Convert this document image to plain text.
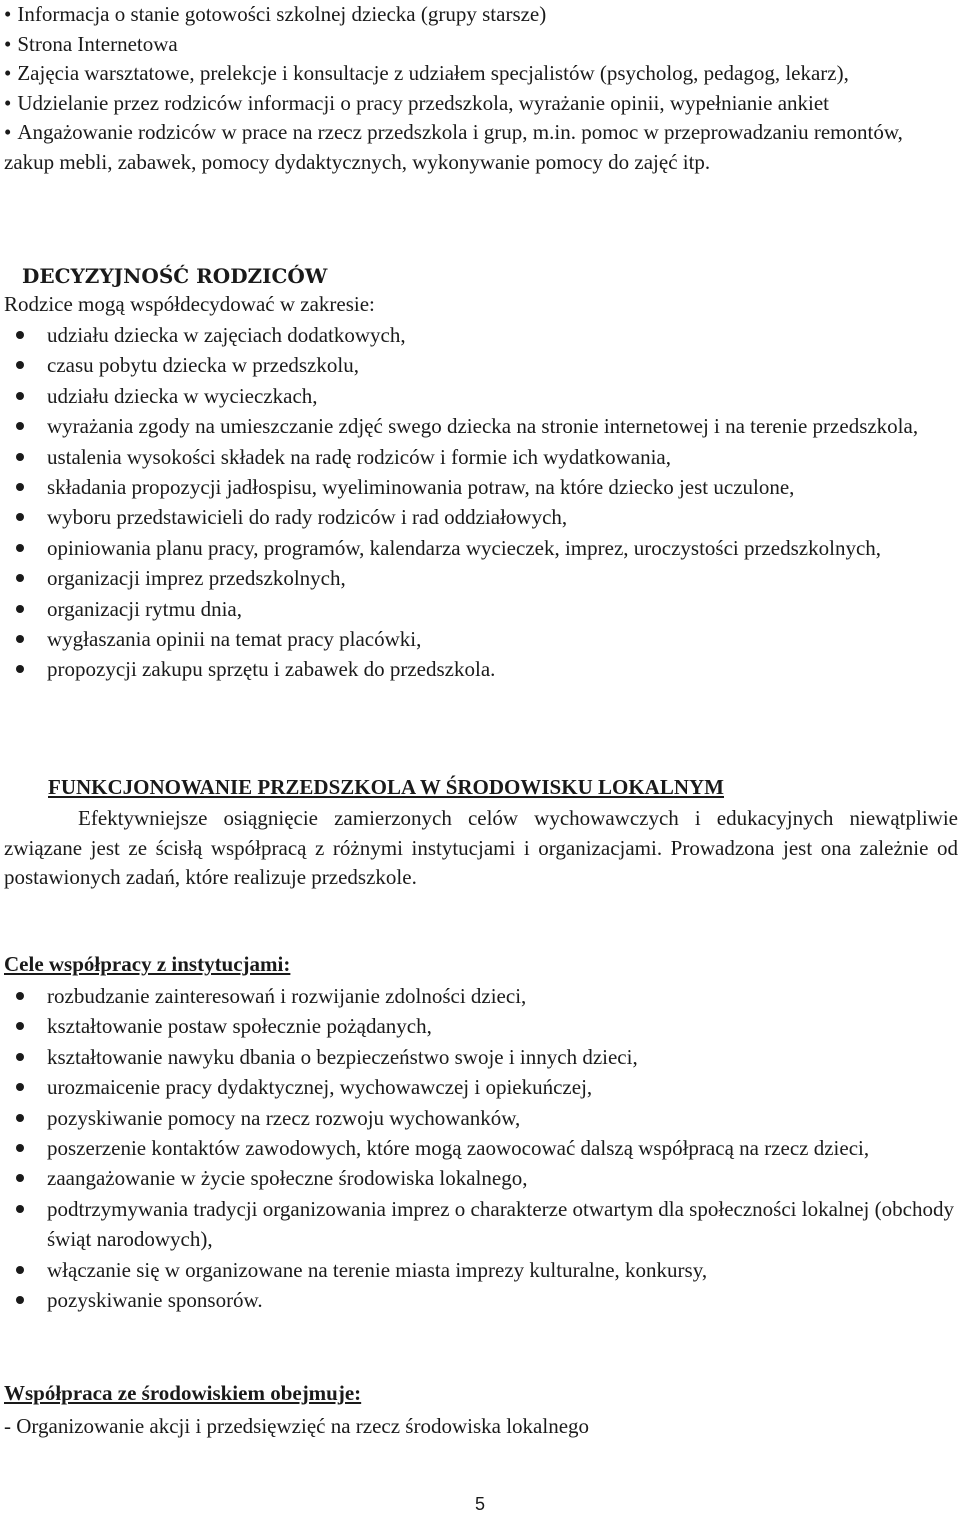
• Informacja o stanie gotowości szkolnej dziecka (grupy starsze)
• Strona Internetowa
• Zajęcia warsztatowe, prelekcje i konsultacje z udziałem specjalistów (psycholog, pedagog, lekarz),
• Udzielanie przez rodziców informacji o pracy przedszkola, wyrażanie opinii, wypełnianie ankiet
• Angażowanie rodziców w prace na rzecz przedszkola i grup, m.in. pomoc w przeprowadzaniu remontów, zakup mebli, zabawek, pomocy dydaktycznych, wykonywanie pomocy do zajęć itp.
DECYZYJNOŚĆ RODZICÓW
Rodzice mogą współdecydować w zakresie:
udziału dziecka w zajęciach dodatkowych,
czasu pobytu dziecka w przedszkolu,
udziału dziecka w wycieczkach,
wyrażania zgody na umieszczanie zdjęć swego dziecka na stronie internetowej i na terenie przedszkola,
ustalenia wysokości składek na radę rodziców i formie ich wydatkowania,
składania propozycji jadłospisu, wyeliminowania potraw, na które dziecko jest uczulone,
wyboru przedstawicieli do rady rodziców i rad oddziałowych,
opiniowania planu pracy, programów, kalendarza wycieczek, imprez, uroczystości przedszkolnych,
organizacji imprez przedszkolnych,
organizacji rytmu dnia,
wygłaszania opinii na temat pracy placówki,
propozycji zakupu sprzętu i zabawek do przedszkola.
FUNKCJONOWANIE PRZEDSZKOLA W ŚRODOWISKU LOKALNYM

Efektywniejsze osiągnięcie zamierzonych celów wychowawczych i edukacyjnych niewątpliwie związane jest ze ścisłą współpracą z różnymi instytucjami i organizacjami. Prowadzona jest ona zależnie od postawionych zadań, które realizuje przedszkole.

Cele współpracy z instytucjami:
rozbudzanie zainteresowań i rozwijanie zdolności dzieci,
kształtowanie postaw społecznie pożądanych,
kształtowanie nawyku dbania o bezpieczeństwo swoje i innych dzieci,
urozmaicenie pracy dydaktycznej, wychowawczej i opiekuńczej,
pozyskiwanie pomocy na rzecz rozwoju wychowanków,
poszerzenie kontaktów zawodowych, które mogą zaowocować dalszą współpracą na rzecz dzieci,
zaangażowanie w życie społeczne środowiska lokalnego,
podtrzymywania tradycji organizowania imprez o charakterze otwartym dla społeczności lokalnej (obchody świąt narodowych),
włączanie się w organizowane na terenie miasta imprezy kulturalne, konkursy,
pozyskiwanie sponsorów.
Współpraca ze środowiskiem obejmuje:
- Organizowanie akcji i przedsięwzięć na rzecz środowiska lokalnego
5
